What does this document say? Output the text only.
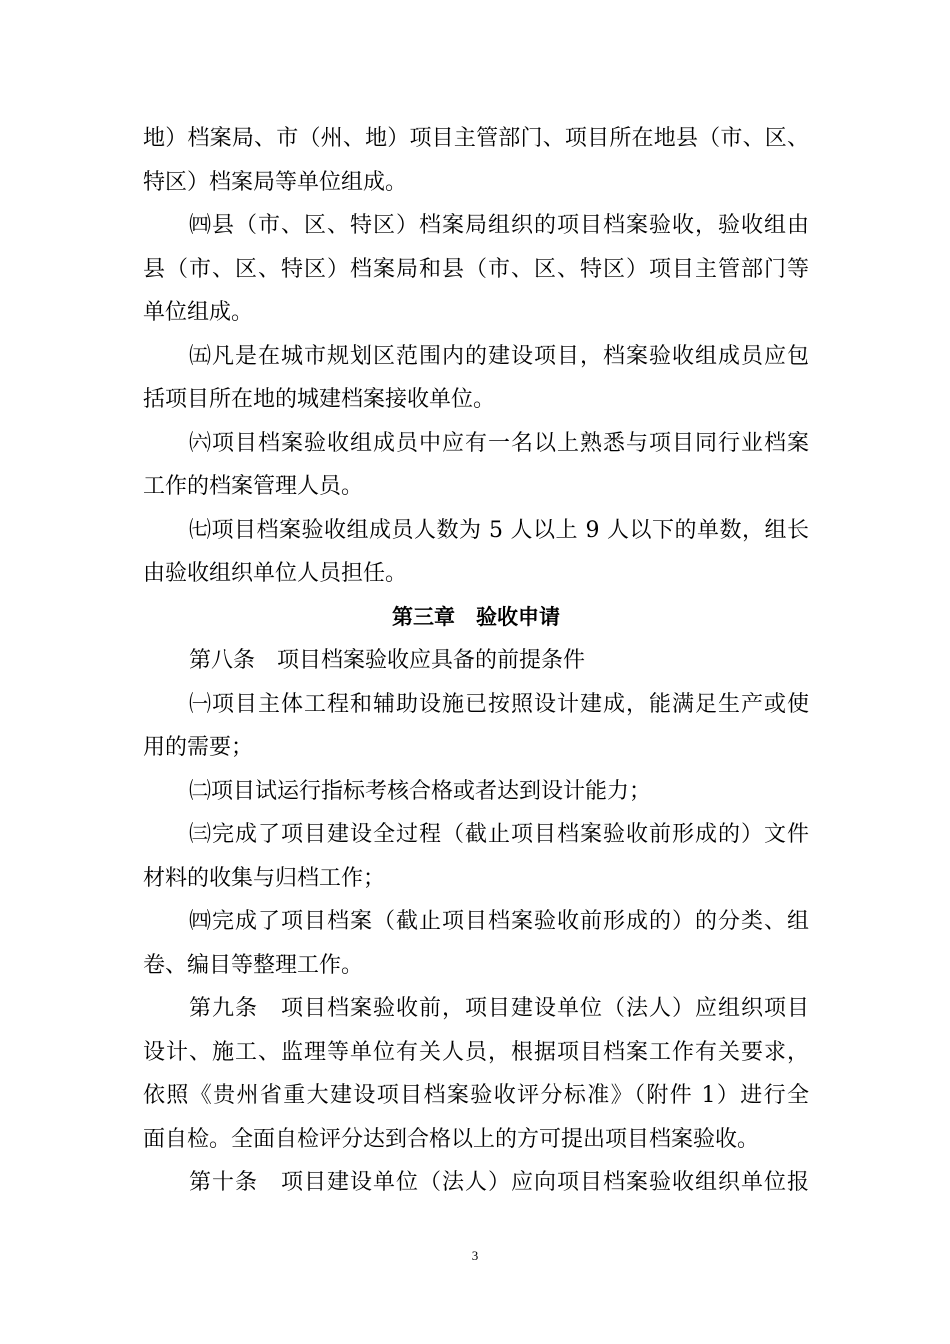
地）档案局、市（州、地）项目主管部门、项目所在地县（市、区、
特区）档案局等单位组成。
㈣县（市、区、特区）档案局组织的项目档案验收，验收组由
县（市、区、特区）档案局和县（市、区、特区）项目主管部门等
单位组成。
㈤凡是在城市规划区范围内的建设项目，档案验收组成员应包
括项目所在地的城建档案接收单位。
㈥项目档案验收组成员中应有一名以上熟悉与项目同行业档案
工作的档案管理人员。
㈦项目档案验收组成员人数为 5 人以上 9 人以下的单数，组长
由验收组织单位人员担任。
第三章　验收申请
第八条　项目档案验收应具备的前提条件
㈠项目主体工程和辅助设施已按照设计建成，能满足生产或使
用的需要；
㈡项目试运行指标考核合格或者达到设计能力；
㈢完成了项目建设全过程（截止项目档案验收前形成的）文件
材料的收集与归档工作；
㈣完成了项目档案（截止项目档案验收前形成的）的分类、组
卷、编目等整理工作。
第九条　项目档案验收前，项目建设单位（法人）应组织项目
设计、施工、监理等单位有关人员，根据项目档案工作有关要求，
依照《贵州省重大建设项目档案验收评分标准》（附件 1）进行全
面自检。全面自检评分达到合格以上的方可提出项目档案验收。
第十条　项目建设单位（法人）应向项目档案验收组织单位报
3
